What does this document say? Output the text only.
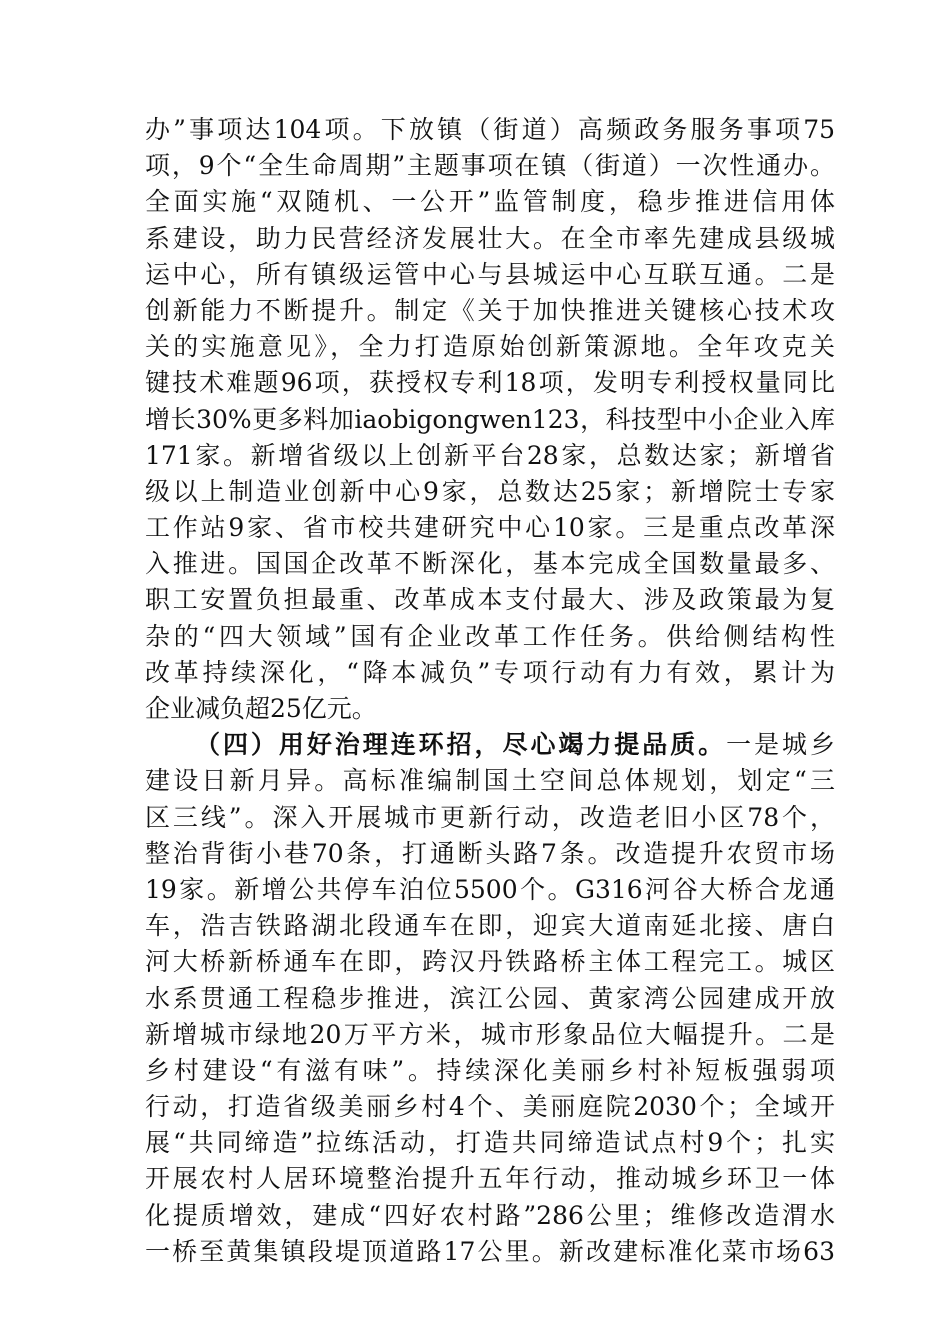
办”事项达104项。下放镇（街道）高频政务服务事项75
项，9个“全生命周期”主题事项在镇（街道）一次性通办。
全面实施“双随机、一公开”监管制度，稳步推进信用体
系建设，助力民营经济发展壮大。在全市率先建成县级城
运中心，所有镇级运管中心与县城运中心互联互通。二是
创新能力不断提升。制定《关于加快推进关键核心技术攻
关的实施意见》，全力打造原始创新策源地。全年攻克关
键技术难题96项，获授权专利18项，发明专利授权量同比
增长30%更多料加iaobigongwen123，科技型中小企业入库
171家。新增省级以上创新平台28家，总数达家；新增省
级以上制造业创新中心9家，总数达25家；新增院士专家
工作站9家、省市校共建研究中心10家。三是重点改革深
入推进。国国企改革不断深化，基本完成全国数量最多、
职工安置负担最重、改革成本支付最大、涉及政策最为复
杂的“四大领域”国有企业改革工作任务。供给侧结构性
改革持续深化，“降本减负”专项行动有力有效，累计为
企业减负超25亿元。
（四）用好治理连环招，尽心竭力提品质。一是城乡
建设日新月异。高标准编制国土空间总体规划，划定“三
区三线”。深入开展城市更新行动，改造老旧小区78个，
整治背街小巷70条，打通断头路7条。改造提升农贸市场
19家。新增公共停车泊位5500个。G316河谷大桥合龙通
车，浩吉铁路湖北段通车在即，迎宾大道南延北接、唐白
河大桥新桥通车在即，跨汉丹铁路桥主体工程完工。城区
水系贯通工程稳步推进，滨江公园、黄家湾公园建成开放
新增城市绿地20万平方米，城市形象品位大幅提升。二是
乡村建设“有滋有味”。持续深化美丽乡村补短板强弱项
行动，打造省级美丽乡村4个、美丽庭院2030个；全域开
展“共同缔造”拉练活动，打造共同缔造试点村9个；扎实
开展农村人居环境整治提升五年行动，推动城乡环卫一体
化提质增效，建成“四好农村路”286公里；维修改造渭水
一桥至黄集镇段堤顶道路17公里。新改建标准化菜市场63
